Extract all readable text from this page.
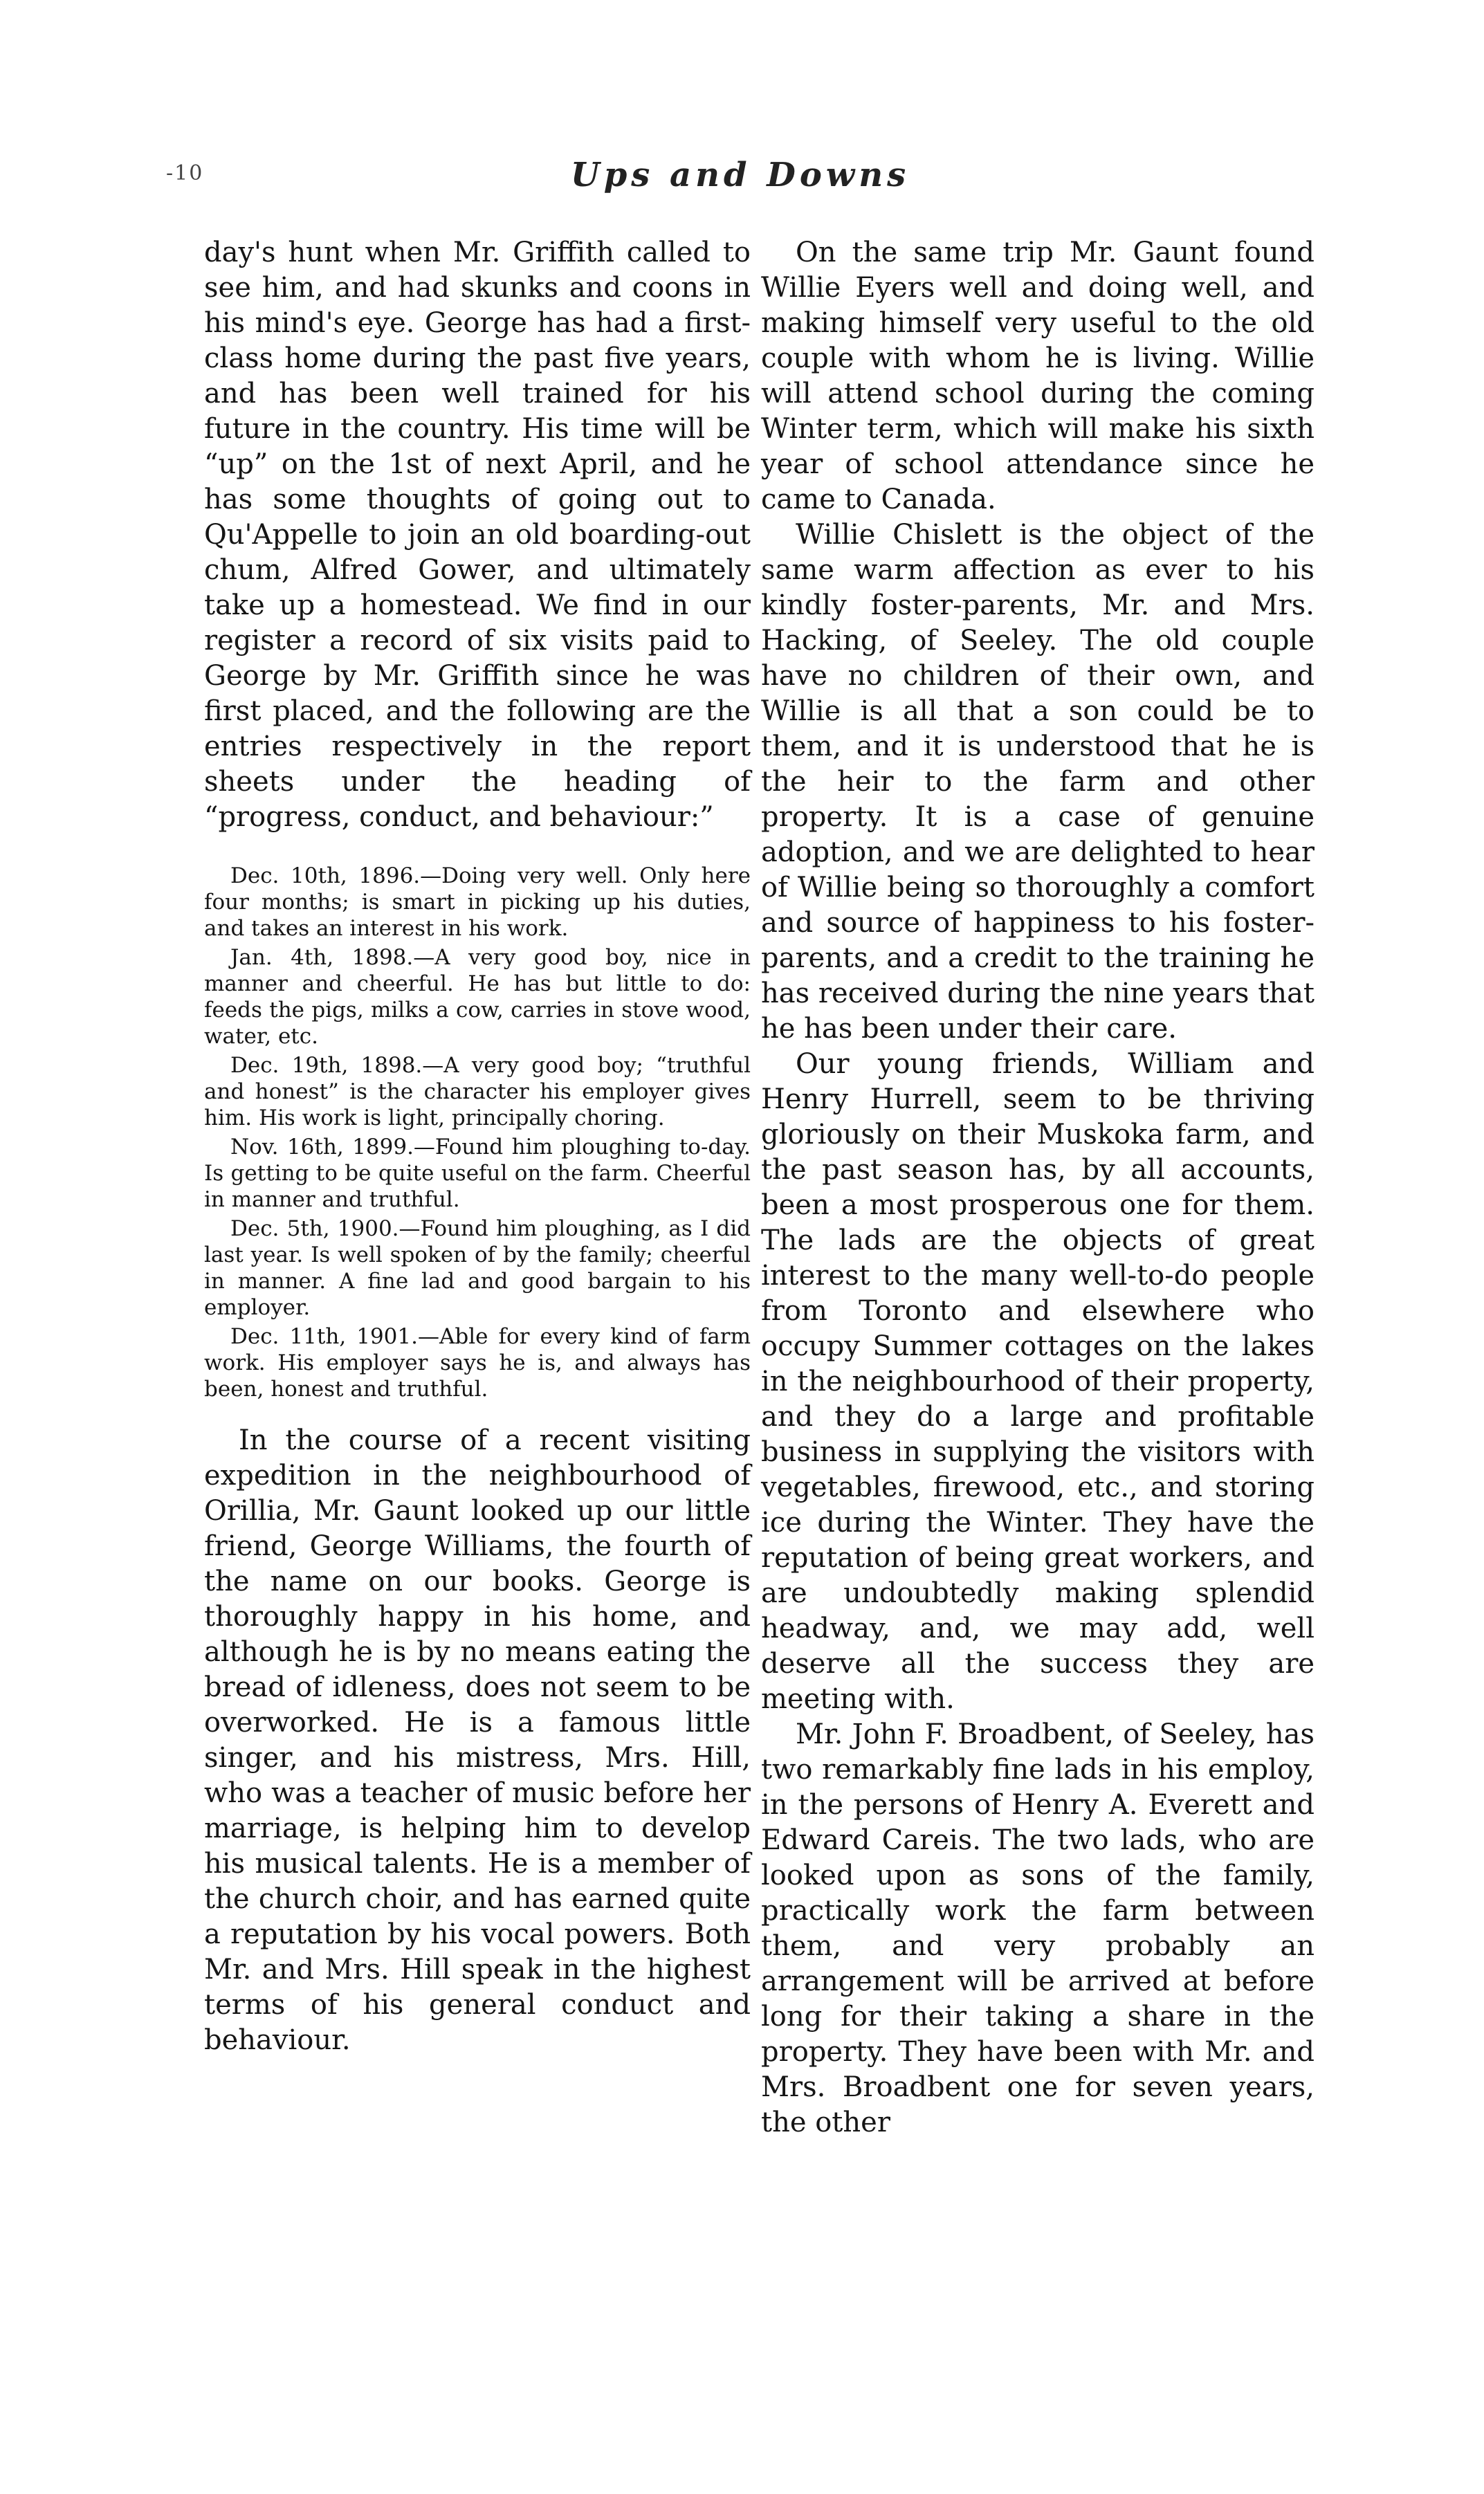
-10	Ups and Downs

day's hunt when Mr. Griffith called to see him, and had skunks and coons in his mind's eye. George has had a first-class home during the past five years, and has been well trained for his future in the country. His time will be “up” on the 1st of next April, and he has some thoughts of going out to Qu'Appelle to join an old boarding-out chum, Alfred Gower, and ultimately take up a homestead. We find in our register a record of six visits paid to George by Mr. Griffith since he was first placed, and the following are the entries respectively in the report sheets under the heading of “progress, conduct, and behaviour:”

Dec. 10th, 1896.—Doing very well. Only here four months; is smart in picking up his duties, and takes an interest in his work.

Jan. 4th, 1898.—A very good boy, nice in manner and cheerful. He has but little to do: feeds the pigs, milks a cow, carries in stove wood, water, etc.

Dec. 19th, 1898.—A very good boy; “truthful and honest” is the character his employer gives him. His work is light, principally choring.

Nov. 16th, 1899.—Found him ploughing to-day. Is getting to be quite useful on the farm. Cheerful in manner and truthful.

Dec. 5th, 1900.—Found him ploughing, as I did last year. Is well spoken of by the family; cheerful in manner. A fine lad and good bargain to his employer.

Dec. 11th, 1901.—Able for every kind of farm work. His employer says he is, and always has been, honest and truthful.

In the course of a recent visiting expedition in the neighbourhood of Orillia, Mr. Gaunt looked up our little friend, George Williams, the fourth of the name on our books. George is thoroughly happy in his home, and although he is by no means eating the bread of idleness, does not seem to be overworked. He is a famous little singer, and his mistress, Mrs. Hill, who was a teacher of music before her marriage, is helping him to develop his musical talents. He is a member of the church choir, and has earned quite a reputation by his vocal powers. Both Mr. and Mrs. Hill speak in the highest terms of his general conduct and behaviour.

On the same trip Mr. Gaunt found Willie Eyers well and doing well, and making himself very useful to the old couple with whom he is living. Willie will attend school during the coming Winter term, which will make his sixth year of school attendance since he came to Canada.

Willie Chislett is the object of the same warm affection as ever to his kindly foster-parents, Mr. and Mrs. Hacking, of Seeley. The old couple have no children of their own, and Willie is all that a son could be to them, and it is understood that he is the heir to the farm and other property. It is a case of genuine adoption, and we are delighted to hear of Willie being so thoroughly a comfort and source of happiness to his foster-parents, and a credit to the training he has received during the nine years that he has been under their care.

Our young friends, William and Henry Hurrell, seem to be thriving gloriously on their Muskoka farm, and the past season has, by all accounts, been a most prosperous one for them. The lads are the objects of great interest to the many well-to-do people from Toronto and elsewhere who occupy Summer cottages on the lakes in the neighbourhood of their property, and they do a large and profitable business in supplying the visitors with vegetables, firewood, etc., and storing ice during the Winter. They have the reputation of being great workers, and are undoubtedly making splendid headway, and, we may add, well deserve all the success they are meeting with.

Mr. John F. Broadbent, of Seeley, has two remarkably fine lads in his employ, in the persons of Henry A. Everett and Edward Careis. The two lads, who are looked upon as sons of the family, practically work the farm between them, and very probably an arrangement will be arrived at before long for their taking a share in the property. They have been with Mr. and Mrs. Broadbent one for seven years, the other
